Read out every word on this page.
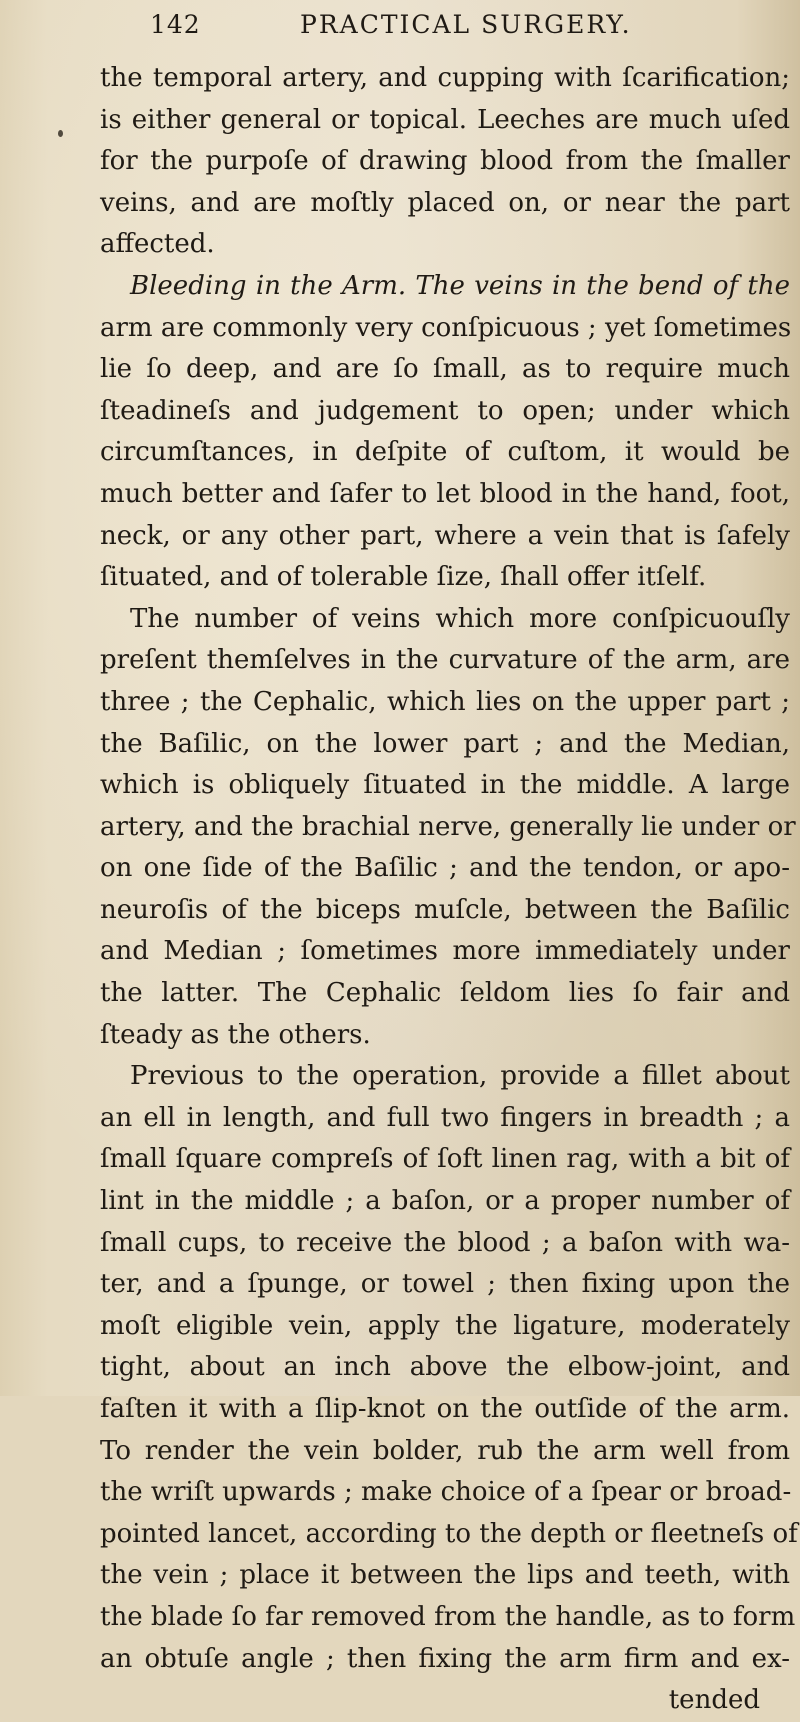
142	PRACTICAL SURGERY.
the temporal artery, and cupping with ſcarification;
is either general or topical. Leeches are much uſed
for the purpoſe of drawing blood from the ſmaller
veins, and are moſtly placed on, or near the part
affected.
Bleeding in the Arm. The veins in the bend of the
arm are commonly very conſpicuous ; yet ſometimes
lie ſo deep, and are ſo ſmall, as to require much
ſteadineſs and judgement to open; under which
circumſtances, in deſpite of cuſtom, it would be
much better and ſafer to let blood in the hand, foot,
neck, or any other part, where a vein that is ſafely
ſituated, and of tolerable ſize, ſhall offer itſelf.
The number of veins which more conſpicuouſly
preſent themſelves in the curvature of the arm, are
three ; the Cephalic, which lies on the upper part ;
the Baſilic, on the lower part ; and the Median,
which is obliquely ſituated in the middle. A large
artery, and the brachial nerve, generally lie under or
on one ſide of the Baſilic ; and the tendon, or apo-
neuroſis of the biceps muſcle, between the Baſilic
and Median ; ſometimes more immediately under
the latter. The Cephalic ſeldom lies ſo fair and
ſteady as the others.
Previous to the operation, provide a fillet about
an ell in length, and full two fingers in breadth ; a
ſmall ſquare compreſs of ſoft linen rag, with a bit of
lint in the middle ; a baſon, or a proper number of
ſmall cups, to receive the blood ; a baſon with wa-
ter, and a ſpunge, or towel ; then fixing upon the
moſt eligible vein, apply the ligature, moderately
tight, about an inch above the elbow-joint, and
faſten it with a ſlip-knot on the outſide of the arm.
To render the vein bolder, rub the arm well from
the wriſt upwards ; make choice of a ſpear or broad-
pointed lancet, according to the depth or fleetneſs of
the vein ; place it between the lips and teeth, with
the blade ſo far removed from the handle, as to form
an obtuſe angle ; then fixing the arm firm and ex-
tended
